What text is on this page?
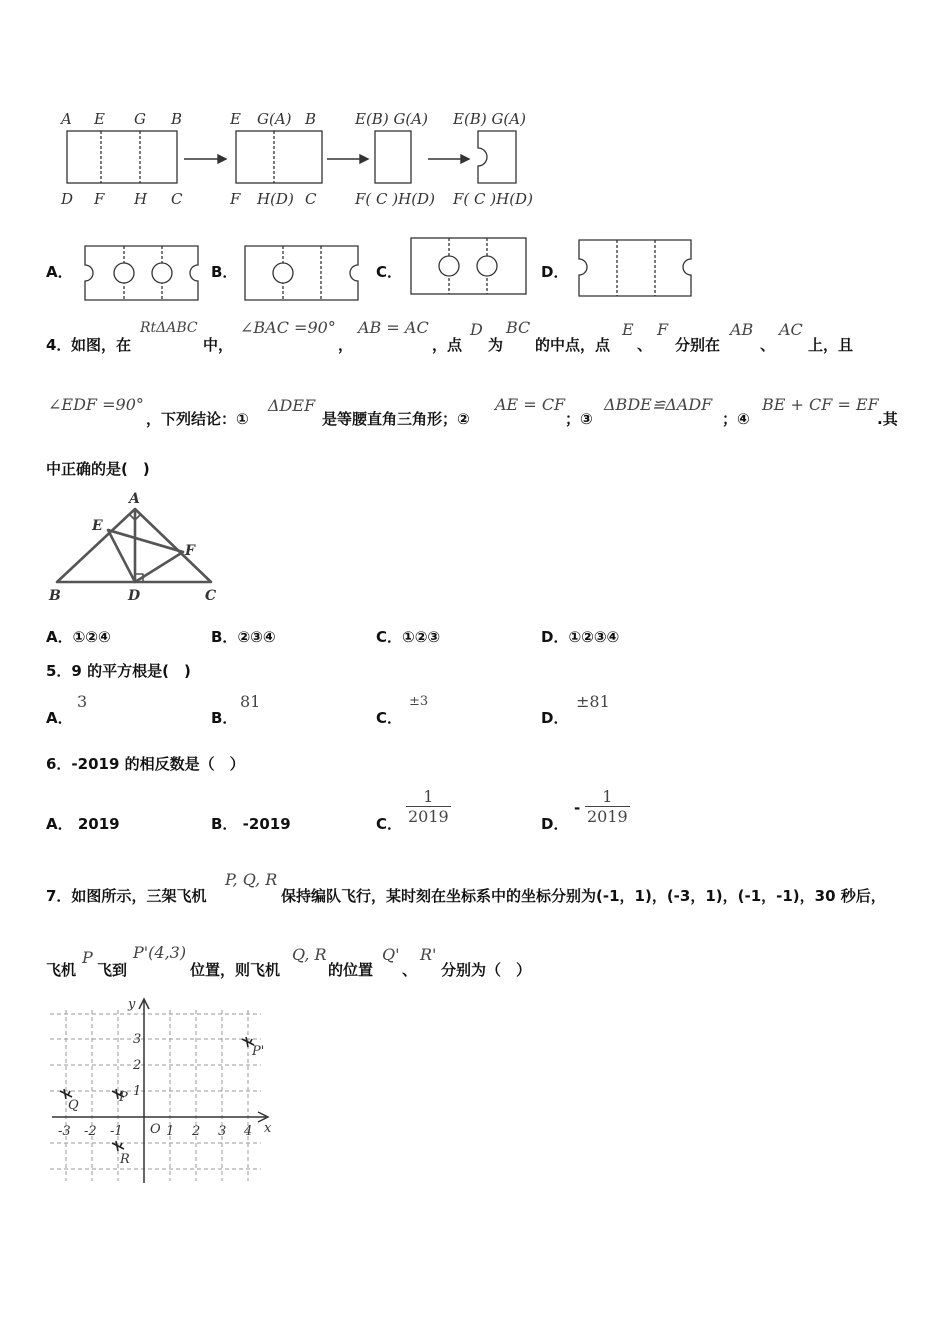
A E G B
D F H C
E G(A) B
F H(D) C
E(B) G(A)
F( C )H(D)
E(B) G(A)
F( C )H(D)
A．	B．	C．	D．
4． 如图，在
RtΔABC
中，
∠BAC =90°
，
AB = AC
，点
D
为
BC
的中点，点
E
、
F
分别在
AB
、
AC
上，且
∠EDF =90°
，下列结论：①
ΔDEF
是等腰直角三角形；②
AE = CF
；③
ΔBDE≌ΔADF
；④
BE + CF = EF
.其
中正确的是(　)
A
E
F
B	D	C
A．①②④	B．②③④	C．①②③	D．①②③④
5．9 的平方根是(　)
A．
3
B．
81
C．
±3
D．
±81
6．-2019 的相反数是（　）
A． 2019	B． -2019	C． $\frac{1}{2019}$	D．
- $\frac{1}{2019}$
7．如图所示，三架飞机
P, Q, R
保持编队飞行，某时刻在坐标系中的坐标分别为(-1，1)，(-3，1)，(-1，-1)，30 秒后，
飞机
P
飞到
P'(4,3)
位置，则飞机
Q, R
的位置
Q'
、
R'
分别为（　）
x
y
-3 -2 -1 O 1 2 3 4
3
2
1
Q
P
R
P'
